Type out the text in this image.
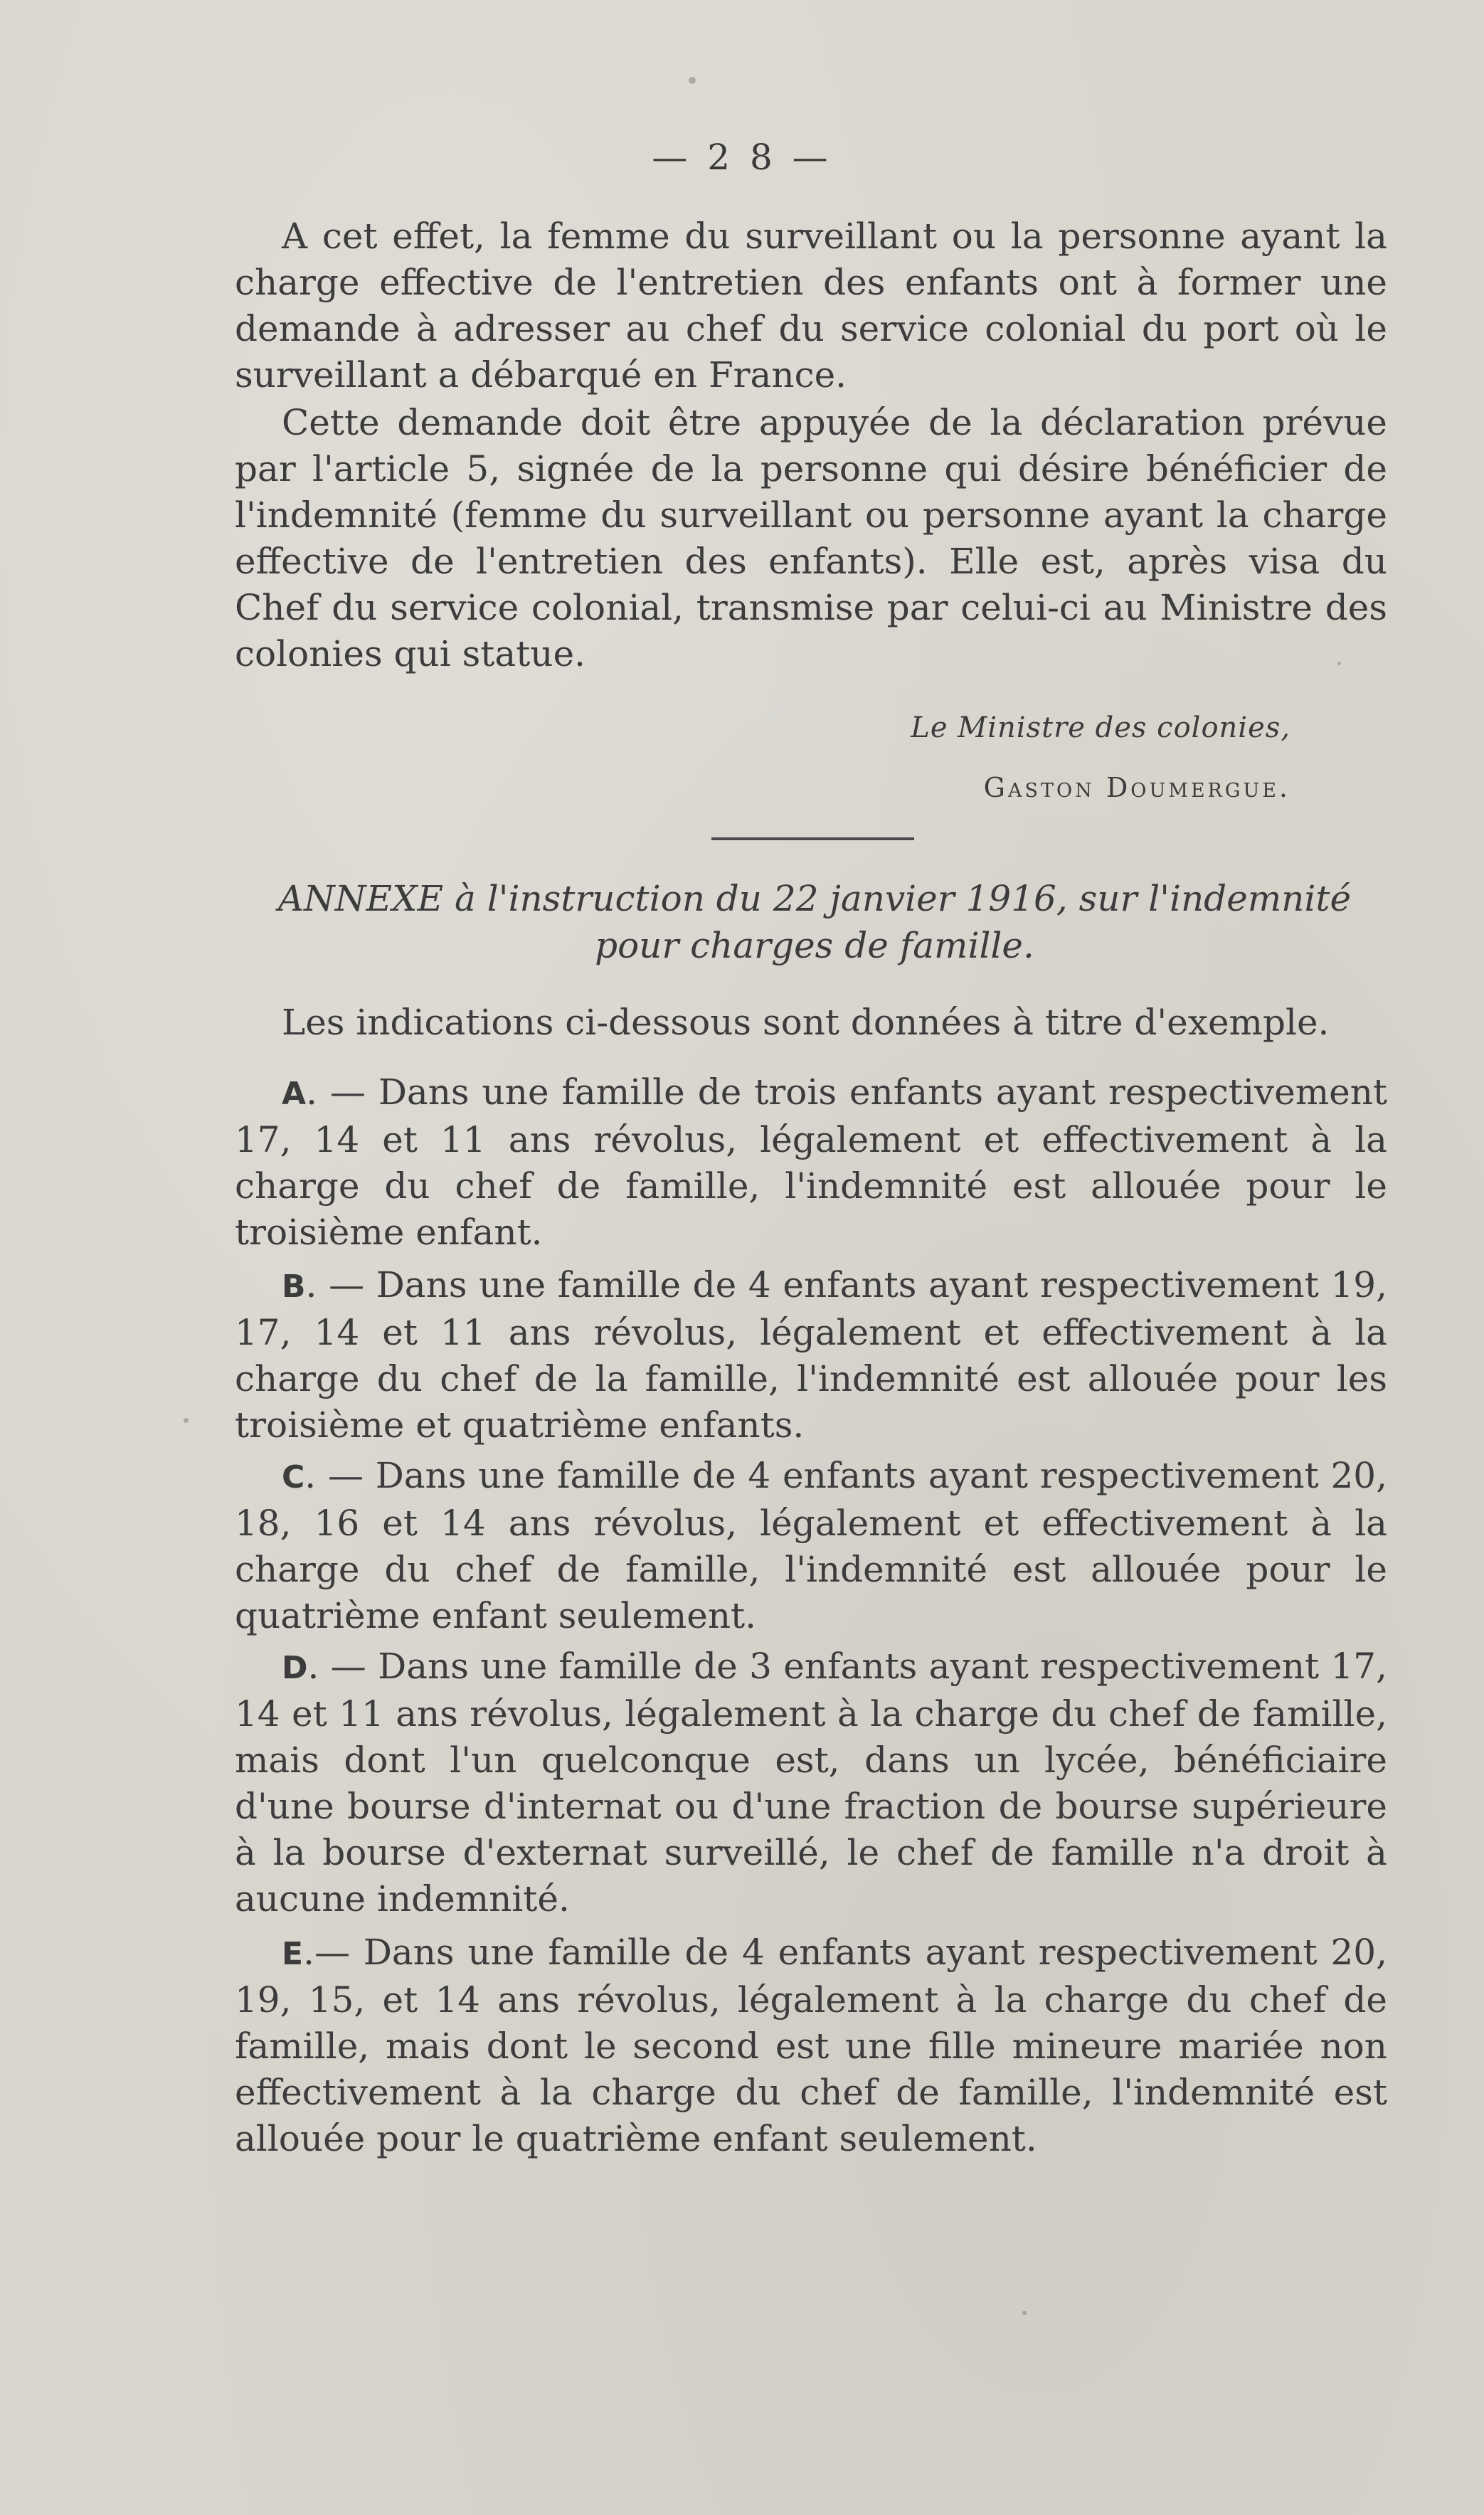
— 2 8 —

A cet effet, la femme du surveillant ou la personne ayant la charge effective de l'entretien des enfants ont à former une demande à adresser au chef du service colonial du port où le surveillant a débarqué en France.

Cette demande doit être appuyée de la déclaration prévue par l'article 5, signée de la personne qui désire bénéficier de l'indemnité (femme du surveillant ou personne ayant la charge effective de l'entretien des enfants). Elle est, après visa du Chef du service colonial, transmise par celui-ci au Ministre des colonies qui statue.

Le Ministre des colonies,
Gaston Doumergue.
ANNEXE à l'instruction du 22 janvier 1916, sur l'indemnité pour charges de famille.

Les indications ci-dessous sont données à titre d'exemple.

A. — Dans une famille de trois enfants ayant respectivement 17, 14 et 11 ans révolus, légalement et effectivement à la charge du chef de famille, l'indemnité est allouée pour le troisième enfant.

B. — Dans une famille de 4 enfants ayant respectivement 19, 17, 14 et 11 ans révolus, légalement et effectivement à la charge du chef de la famille, l'indemnité est allouée pour les troisième et quatrième enfants.

C. — Dans une famille de 4 enfants ayant respectivement 20, 18, 16 et 14 ans révolus, légalement et effectivement à la charge du chef de famille, l'indemnité est allouée pour le quatrième enfant seulement.

D. — Dans une famille de 3 enfants ayant respectivement 17, 14 et 11 ans révolus, légalement à la charge du chef de famille, mais dont l'un quelconque est, dans un lycée, bénéficiaire d'une bourse d'internat ou d'une fraction de bourse supérieure à la bourse d'externat surveillé, le chef de famille n'a droit à aucune indemnité.

E.— Dans une famille de 4 enfants ayant respectivement 20, 19, 15, et 14 ans révolus, légalement à la charge du chef de famille, mais dont le second est une fille mineure mariée non effectivement à la charge du chef de famille, l'indemnité est allouée pour le quatrième enfant seulement.
